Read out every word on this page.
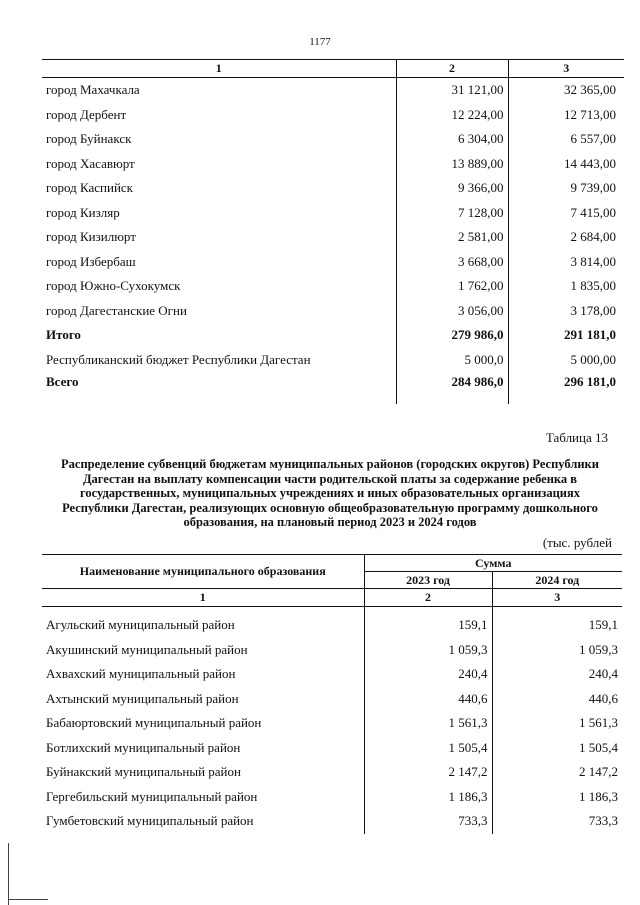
1177
1	2	3
город Махачкала	31 121,00	32 365,00
город Дербент	12 224,00	12 713,00
город Буйнакск	6 304,00	6 557,00
город Хасавюрт	13 889,00	14 443,00
город Каспийск	9 366,00	9 739,00
город Кизляр	7 128,00	7 415,00
город Кизилюрт	2 581,00	2 684,00
город Избербаш	3 668,00	3 814,00
город Южно-Сухокумск	1 762,00	1 835,00
город Дагестанские Огни	3 056,00	3 178,00
Итого	279 986,0	291 181,0
Республиканский бюджет Республики Дагестан	5 000,0	5 000,00
Всего	284 986,0	296 181,0
Таблица 13
Распределение субвенций бюджетам муниципальных районов (городских округов) Республики Дагестан на выплату компенсации части родительской платы за содержание ребенка в государственных, муниципальных учреждениях и иных образовательных организациях Республики Дагестан, реализующих основную общеобразовательную программу дошкольного образования, на плановый период 2023 и 2024 годов
(тыс. рублей
Наименование муниципального образования	Сумма	
	2023 год	2024 год
1	2	3
Агульский муниципальный район	159,1	159,1
Акушинский муниципальный район	1 059,3	1 059,3
Ахвахский муниципальный район	240,4	240,4
Ахтынский муниципальный район	440,6	440,6
Бабаюртовский муниципальный район	1 561,3	1 561,3
Ботлихский муниципальный район	1 505,4	1 505,4
Буйнакский муниципальный район	2 147,2	2 147,2
Гергебильский муниципальный район	1 186,3	1 186,3
Гумбетовский муниципальный район	733,3	733,3
